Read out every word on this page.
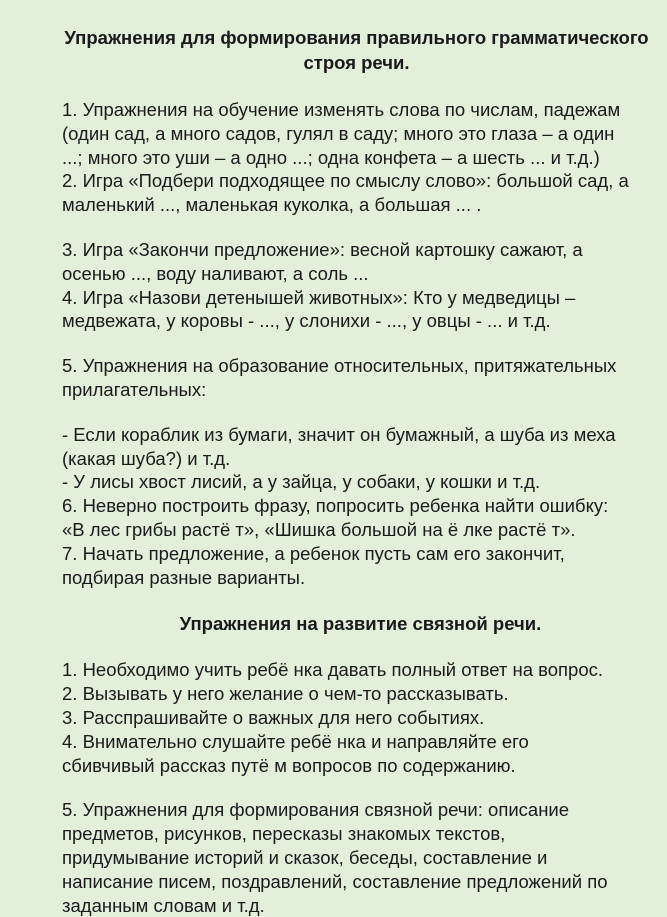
Упражнения для формирования правильного грамматического
строя речи.

1. Упражнения на обучение изменять слова по числам, падежам
(один сад, а много садов, гулял в саду; много это глаза – а один
...; много это уши – а одно ...; одна конфета – а шесть ... и т.д.)
2. Игра «Подбери подходящее по смыслу слово»: большой сад, а
маленький ..., маленькая куколка, а большая ... .

3. Игра «Закончи предложение»: весной картошку сажают, а
осенью ..., воду наливают, а соль ...
4. Игра «Назови детенышей животных»: Кто у медведицы –
медвежата, у коровы - ..., у слонихи - ..., у овцы - ... и т.д.

5. Упражнения на образование относительных, притяжательных
прилагательных:

- Если кораблик из бумаги, значит он бумажный, а шуба из меха
(какая шуба?) и т.д.
- У лисы хвост лисий, а у зайца, у собаки, у кошки и т.д.
6. Неверно построить фразу, попросить ребенка найти ошибку:
«В лес грибы растё т», «Шишка большой на ё лке растё т».
7. Начать предложение, а ребенок пусть сам его закончит,
подбирая разные варианты.

Упражнения на развитие связной речи.

1. Необходимо учить ребё нка давать полный ответ на вопрос.
2. Вызывать у него желание о чем-то рассказывать.
3. Расспрашивайте о важных для него событиях.
4. Внимательно слушайте ребё нка и направляйте его
сбивчивый рассказ путё м вопросов по содержанию.

5. Упражнения для формирования связной речи: описание
предметов, рисунков, пересказы знакомых текстов,
придумывание историй и сказок, беседы, составление и
написание писем, поздравлений, составление предложений по
заданным словам и т.д.
